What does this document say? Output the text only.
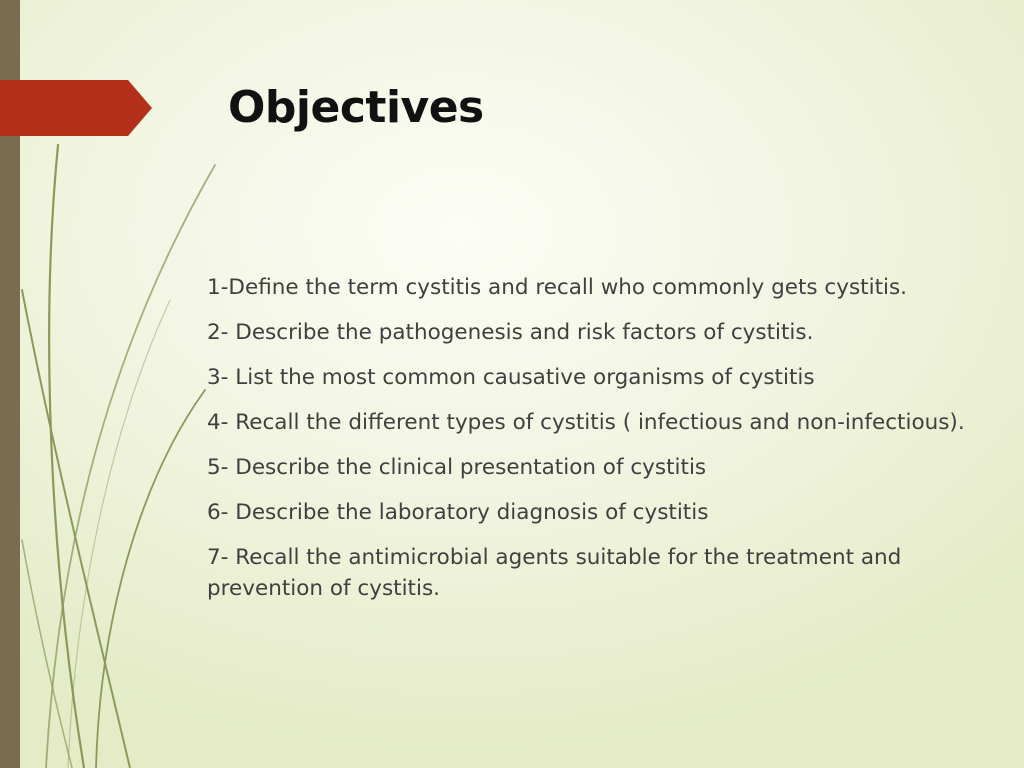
Objectives
1-Define the term cystitis and recall who commonly gets cystitis.
2- Describe the pathogenesis and risk factors of cystitis.
3- List the most common causative organisms of cystitis
4- Recall the different types of cystitis ( infectious and non-infectious).
5- Describe the clinical presentation of cystitis
6- Describe the laboratory diagnosis of cystitis
7- Recall the antimicrobial agents suitable for the treatment and prevention of cystitis.
